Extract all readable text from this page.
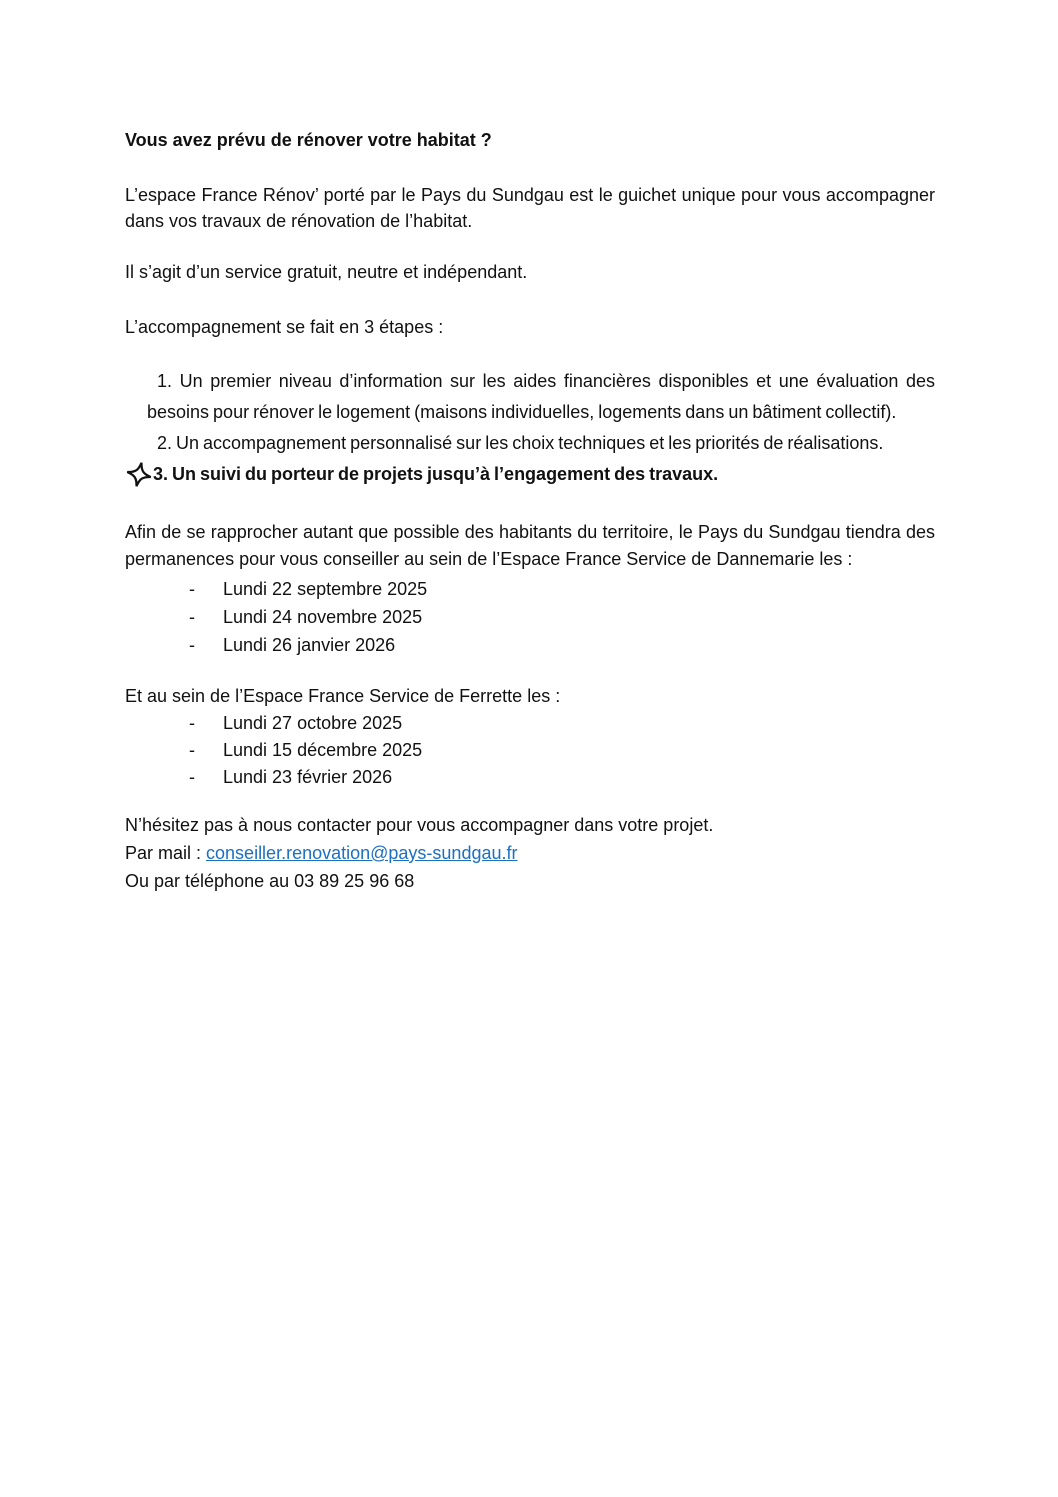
Vous avez prévu de rénover votre habitat ?
L’espace France Rénov’ porté par le Pays du Sundgau est le guichet unique pour vous accompagner dans vos travaux de rénovation de l’habitat.
Il s’agit d’un service gratuit, neutre et indépendant.
L’accompagnement se fait en 3 étapes :
1. Un premier niveau d’information sur les aides financières disponibles et une évaluation des besoins pour rénover le logement (maisons individuelles, logements dans un bâtiment collectif).
2. Un accompagnement personnalisé sur les choix techniques et les priorités de réalisations.
3. Un suivi du porteur de projets jusqu’à l’engagement des travaux.
Afin de se rapprocher autant que possible des habitants du territoire, le Pays du Sundgau tiendra des permanences pour vous conseiller au sein de l’Espace France Service de Dannemarie les :
- Lundi 22 septembre 2025
- Lundi 24 novembre 2025
- Lundi 26 janvier 2026
Et au sein de l’Espace France Service de Ferrette les :
- Lundi 27 octobre 2025
- Lundi 15 décembre 2025
- Lundi 23 février 2026
N’hésitez pas à nous contacter pour vous accompagner dans votre projet.
Par mail : conseiller.renovation@pays-sundgau.fr
Ou par téléphone au 03 89 25 96 68
